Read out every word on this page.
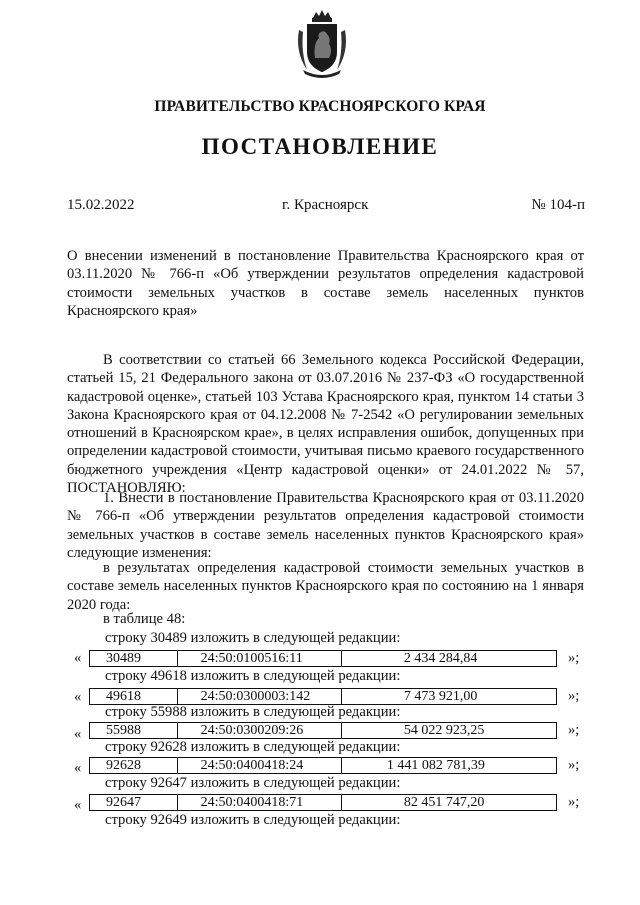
ПРАВИТЕЛЬСТВО КРАСНОЯРСКОГО КРАЯ
ПОСТАНОВЛЕНИЕ
15.02.2022	г. Красноярск	№ 104-п

О внесении изменений в постановление Правительства Красноярского края от 03.11.2020 № 766-п «Об утверждении результатов определения кадастровой стоимости земельных участков в составе земель населенных пунктов Красноярского края»

В соответствии со статьей 66 Земельного кодекса Российской Федерации, статьей 15, 21 Федерального закона от 03.07.2016 № 237-ФЗ «О государственной кадастровой оценке», статьей 103 Устава Красноярского края, пунктом 14 статьи 3 Закона Красноярского края от 04.12.2008 № 7-2542 «О регулировании земельных отношений в Красноярском крае», в целях исправления ошибок, допущенных при определении кадастровой стоимости, учитывая письмо краевого государственного бюджетного учреждения «Центр кадастровой оценки» от 24.01.2022 № 57, ПОСТАНОВЛЯЮ:

1. Внести в постановление Правительства Красноярского края от 03.11.2020 № 766-п «Об утверждении результатов определения кадастровой стоимости земельных участков в составе земель населенных пунктов Красноярского края» следующие изменения:

в результатах определения кадастровой стоимости земельных участков в составе земель населенных пунктов Красноярского края по состоянию на 1 января 2020 года:

в таблице 48:
строку 30489 изложить в следующей редакции:
«	30489	24:50:0100516:11	2 434 284,84	»;
строку 49618 изложить в следующей редакции:
«	49618	24:50:0300003:142	7 473 921,00	»;
строку 55988 изложить в следующей редакции:
«	55988	24:50:0300209:26	54 022 923,25	»;
строку 92628 изложить в следующей редакции:
«	92628	24:50:0400418:24	1 441 082 781,39	»;
строку 92647 изложить в следующей редакции:
«	92647	24:50:0400418:71	82 451 747,20	»;
строку 92649 изложить в следующей редакции:
